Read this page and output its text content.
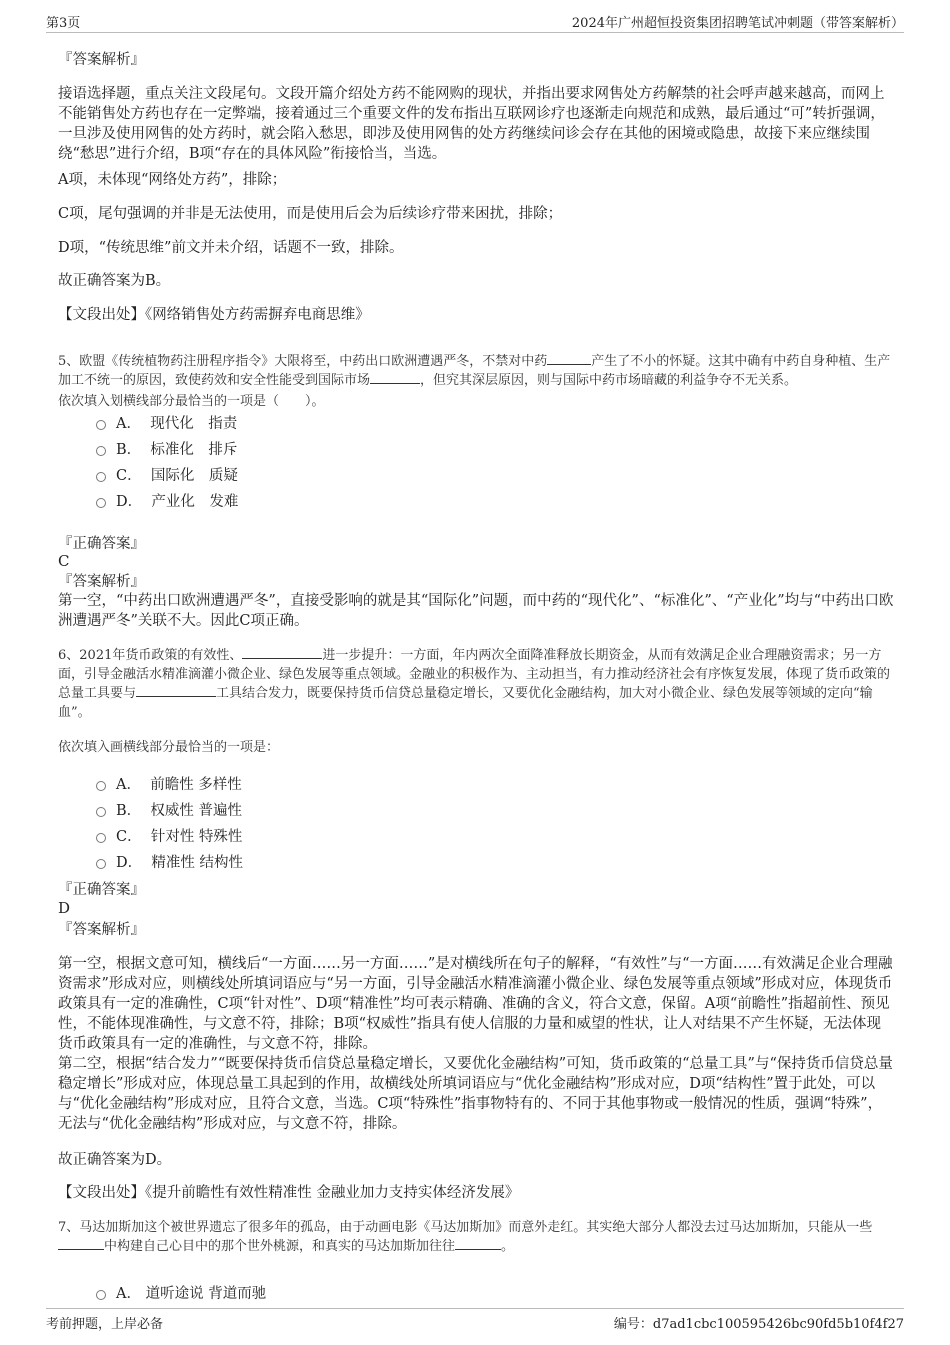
第3页	2024年广州超恒投资集团招聘笔试冲刺题（带答案解析）

『答案解析』

接语选择题，重点关注文段尾句。文段开篇介绍处方药不能网购的现状，并指出要求网售处方药解禁的社会呼声越来越高，而网上不能销售处方药也存在一定弊端，接着通过三个重要文件的发布指出互联网诊疗也逐渐走向规范和成熟，最后通过“可”转折强调，一旦涉及使用网售的处方药时，就会陷入愁思，即涉及使用网售的处方药继续问诊会存在其他的困境或隐患，故接下来应继续围绕“愁思”进行介绍，B项“存在的具体风险”衔接恰当，当选。

A项，未体现“网络处方药”，排除；

C项，尾句强调的并非是无法使用，而是使用后会为后续诊疗带来困扰，排除；

D项，“传统思维”前文并未介绍，话题不一致，排除。

故正确答案为B。

【文段出处】《网络销售处方药需摒弃电商思维》

5、欧盟《传统植物药注册程序指令》大限将至，中药出口欧洲遭遇严冬，不禁对中药	产生了不小的怀疑。这其中确有中药自身种植、生产加工不统一的原因，致使药效和安全性能受到国际市场	，但究其深层原因，则与国际中药市场暗藏的利益争夺不无关系。

依次填入划横线部分最恰当的一项是（　　）。

A． 现代化　指责
B． 标准化　排斥
C． 国际化　质疑
D． 产业化　发难

『正确答案』

C

『答案解析』

第一空，“中药出口欧洲遭遇严冬”，直接受影响的就是其“国际化”问题，而中药的“现代化”、“标准化”、“产业化”均与“中药出口欧洲遭遇严冬”关联不大。因此C项正确。

6、2021年货币政策的有效性、	进一步提升：一方面，年内两次全面降准释放长期资金，从而有效满足企业合理融资需求；另一方面，引导金融活水精准滴灌小微企业、绿色发展等重点领域。金融业的积极作为、主动担当，有力推动经济社会有序恢复发展，体现了货币政策的总量工具要与	工具结合发力，既要保持货币信贷总量稳定增长，又要优化金融结构，加大对小微企业、绿色发展等领域的定向“输血”。

依次填入画横线部分最恰当的一项是：

A． 前瞻性 多样性
B． 权威性 普遍性
C． 针对性 特殊性
D． 精准性 结构性

『正确答案』

D

『答案解析』

第一空，根据文意可知，横线后“一方面……另一方面……”是对横线所在句子的解释，“有效性”与“一方面……有效满足企业合理融资需求”形成对应，则横线处所填词语应与“另一方面，引导金融活水精准滴灌小微企业、绿色发展等重点领域”形成对应，体现货币政策具有一定的准确性，C项“针对性”、D项“精准性”均可表示精确、准确的含义，符合文意，保留。A项“前瞻性”指超前性、预见性，不能体现准确性，与文意不符，排除；B项“权威性”指具有使人信服的力量和威望的性状，让人对结果不产生怀疑，无法体现货币政策具有一定的准确性，与文意不符，排除。

第二空，根据“结合发力”“既要保持货币信贷总量稳定增长，又要优化金融结构”可知，货币政策的“总量工具”与“保持货币信贷总量稳定增长”形成对应，体现总量工具起到的作用，故横线处所填词语应与“优化金融结构”形成对应，D项“结构性”置于此处，可以与“优化金融结构”形成对应，且符合文意，当选。C项“特殊性”指事物特有的、不同于其他事物或一般情况的性质，强调“特殊”，无法与“优化金融结构”形成对应，与文意不符，排除。

故正确答案为D。

【文段出处】《提升前瞻性有效性精准性 金融业加力支持实体经济发展》

7、马达加斯加这个被世界遗忘了很多年的孤岛，由于动画电影《马达加斯加》而意外走红。其实绝大部分人都没去过马达加斯加，只能从一些中构建自己心目中的那个世外桃源，和真实的马达加斯加往往	。

A． 道听途说 背道而驰
考前押题，上岸必备	编号：d7ad1cbc100595426bc90fd5b10f4f27
